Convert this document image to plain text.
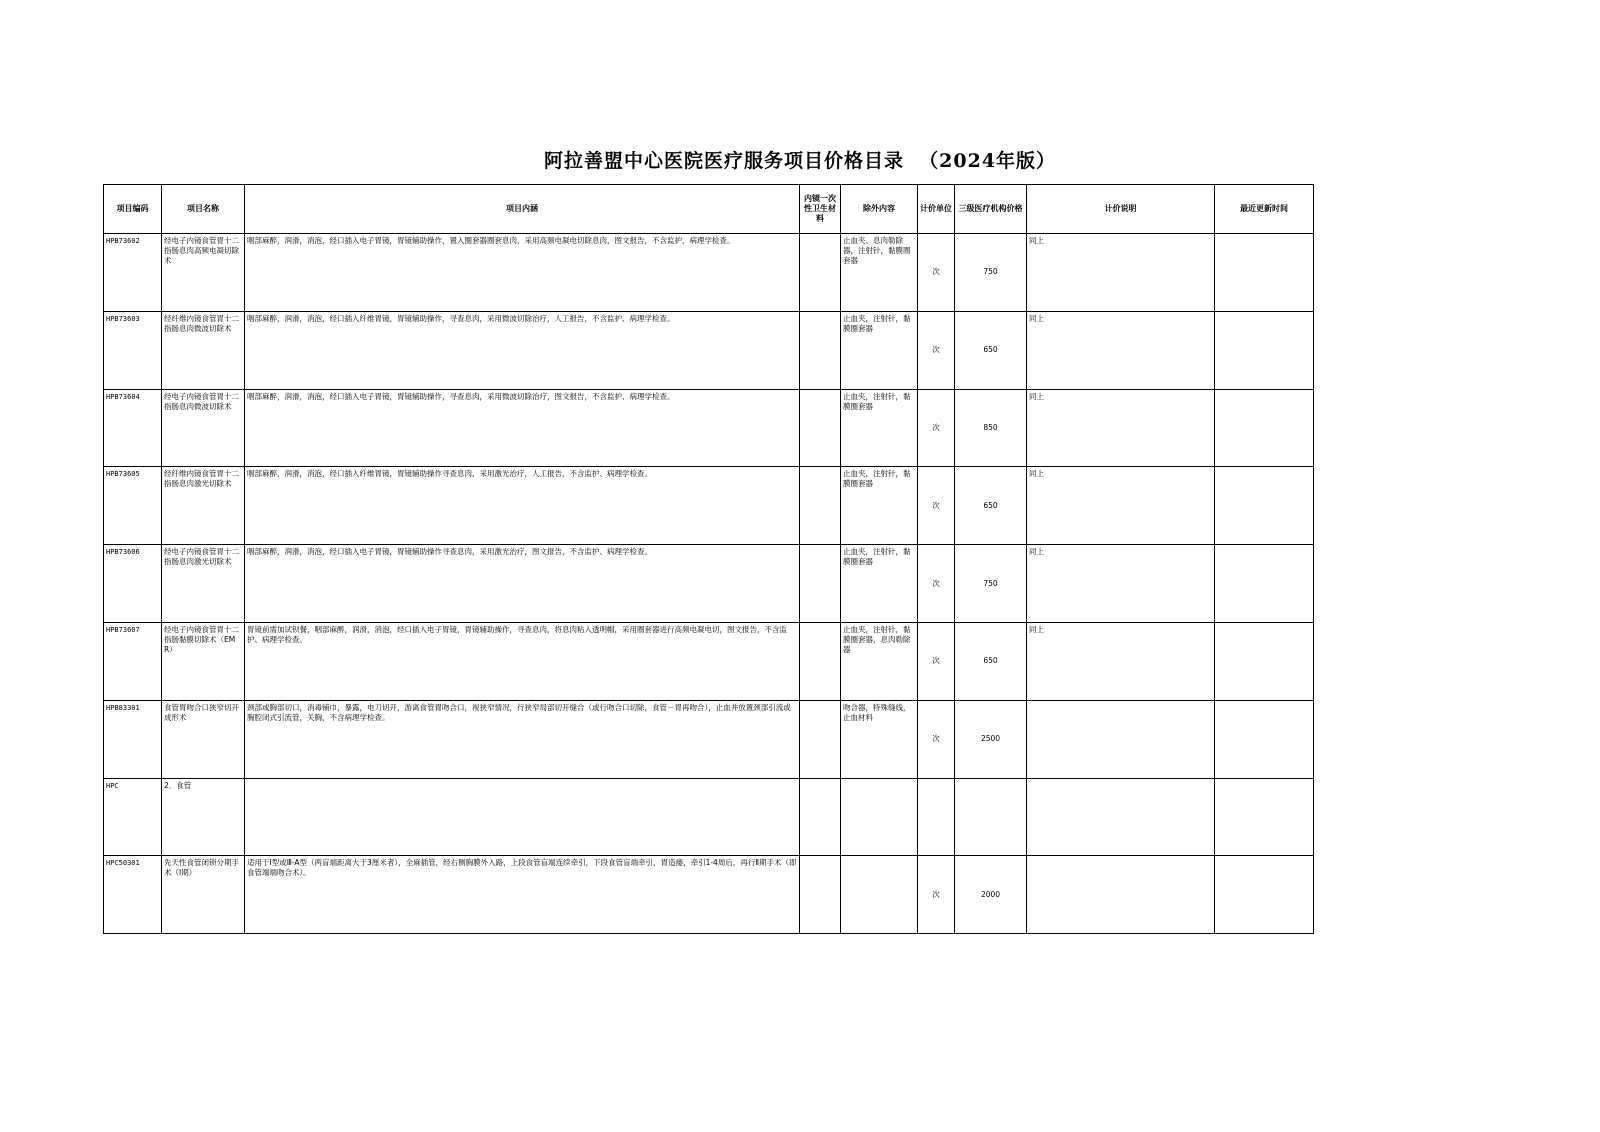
阿拉善盟中心医院医疗服务项目价格目录  （2024年版）
项目编码	项目名称	项目内涵	内镜一次性卫生材料	除外内容	计价单位	三级医疗机构价格	计价说明	最近更新时间
HPB73602	经电子内镜食管胃十二指肠息肉高频电凝切除术	咽部麻醉，润滑，消泡，经口插入电子胃镜，胃镜辅助操作，置入圈套器圈套息肉，采用高频电凝电切除息肉，图文报告，不含监护、病理学检查。		止血夹、息肉勒除器，注射针，黏膜圈套器	次	750	同上	
HPB73603	经纤维内镜食管胃十二指肠息肉微波切除术	咽部麻醉，润滑，消泡，经口插入纤维胃镜，胃镜辅助操作，寻查息肉，采用微波切除治疗，人工报告，不含监护、病理学检查。		止血夹，注射针，黏膜圈套器	次	650	同上	
HPB73604	经电子内镜食管胃十二指肠息肉微波切除术	咽部麻醉，润滑，消泡，经口插入电子胃镜，胃镜辅助操作，寻查息肉，采用微波切除治疗，图文报告，不含监护、病理学检查。		止血夹，注射针，黏膜圈套器	次	850	同上	
HPB73605	经纤维内镜食管胃十二指肠息肉激光切除术	咽部麻醉，润滑，消泡，经口插入纤维胃镜，胃镜辅助操作寻查息肉，采用激光治疗，人工报告，不含监护、病理学检查。		止血夹，注射针，黏膜圈套器	次	650	同上	
HPB73606	经电子内镜食管胃十二指肠息肉激光切除术	咽部麻醉，润滑，消泡，经口插入电子胃镜，胃镜辅助操作寻查息肉，采用激光治疗，图文报告，不含监护、病理学检查。		止血夹，注射针，黏膜圈套器	次	750	同上	
HPB73607	经电子内镜食管胃十二指肠黏膜切除术（EMR）	胃镜前需加试钡餐，咽部麻醉，润滑，消泡，经口插入电子胃镜，胃镜辅助操作，寻查息肉，将息肉粘入透明帽，采用圈套器进行高频电凝电切，图文报告，不含监护、病理学检查。		止血夹，注射针，黏膜圈套器，息肉勒除器	次	650	同上	
HPB83301	食管胃吻合口狭窄切开成形术	颈部或胸部切口，消毒铺巾，暴露，电刀切开，游离食管胃吻合口，视狭窄情况，行狭窄局部切开缝合（或行吻合口切除，食管－胃再吻合），止血并放置颈部引流或胸腔闭式引流管，关胸，不含病理学检查。		吻合器，特殊缝线，止血材料	次	2500		
HPC	2．食管							
HPC50301	先天性食管闭锁分期手术（I期）	适用于Ⅰ型或Ⅲ-A型（两盲端距离大于3厘米者），全麻插管，经右侧胸膜外入路，上段食管盲端连续牵引，下段食管盲端牵引，胃造瘘，牵引1-4周后，再行Ⅱ期手术（即食管端端吻合术）。			次	2000		
